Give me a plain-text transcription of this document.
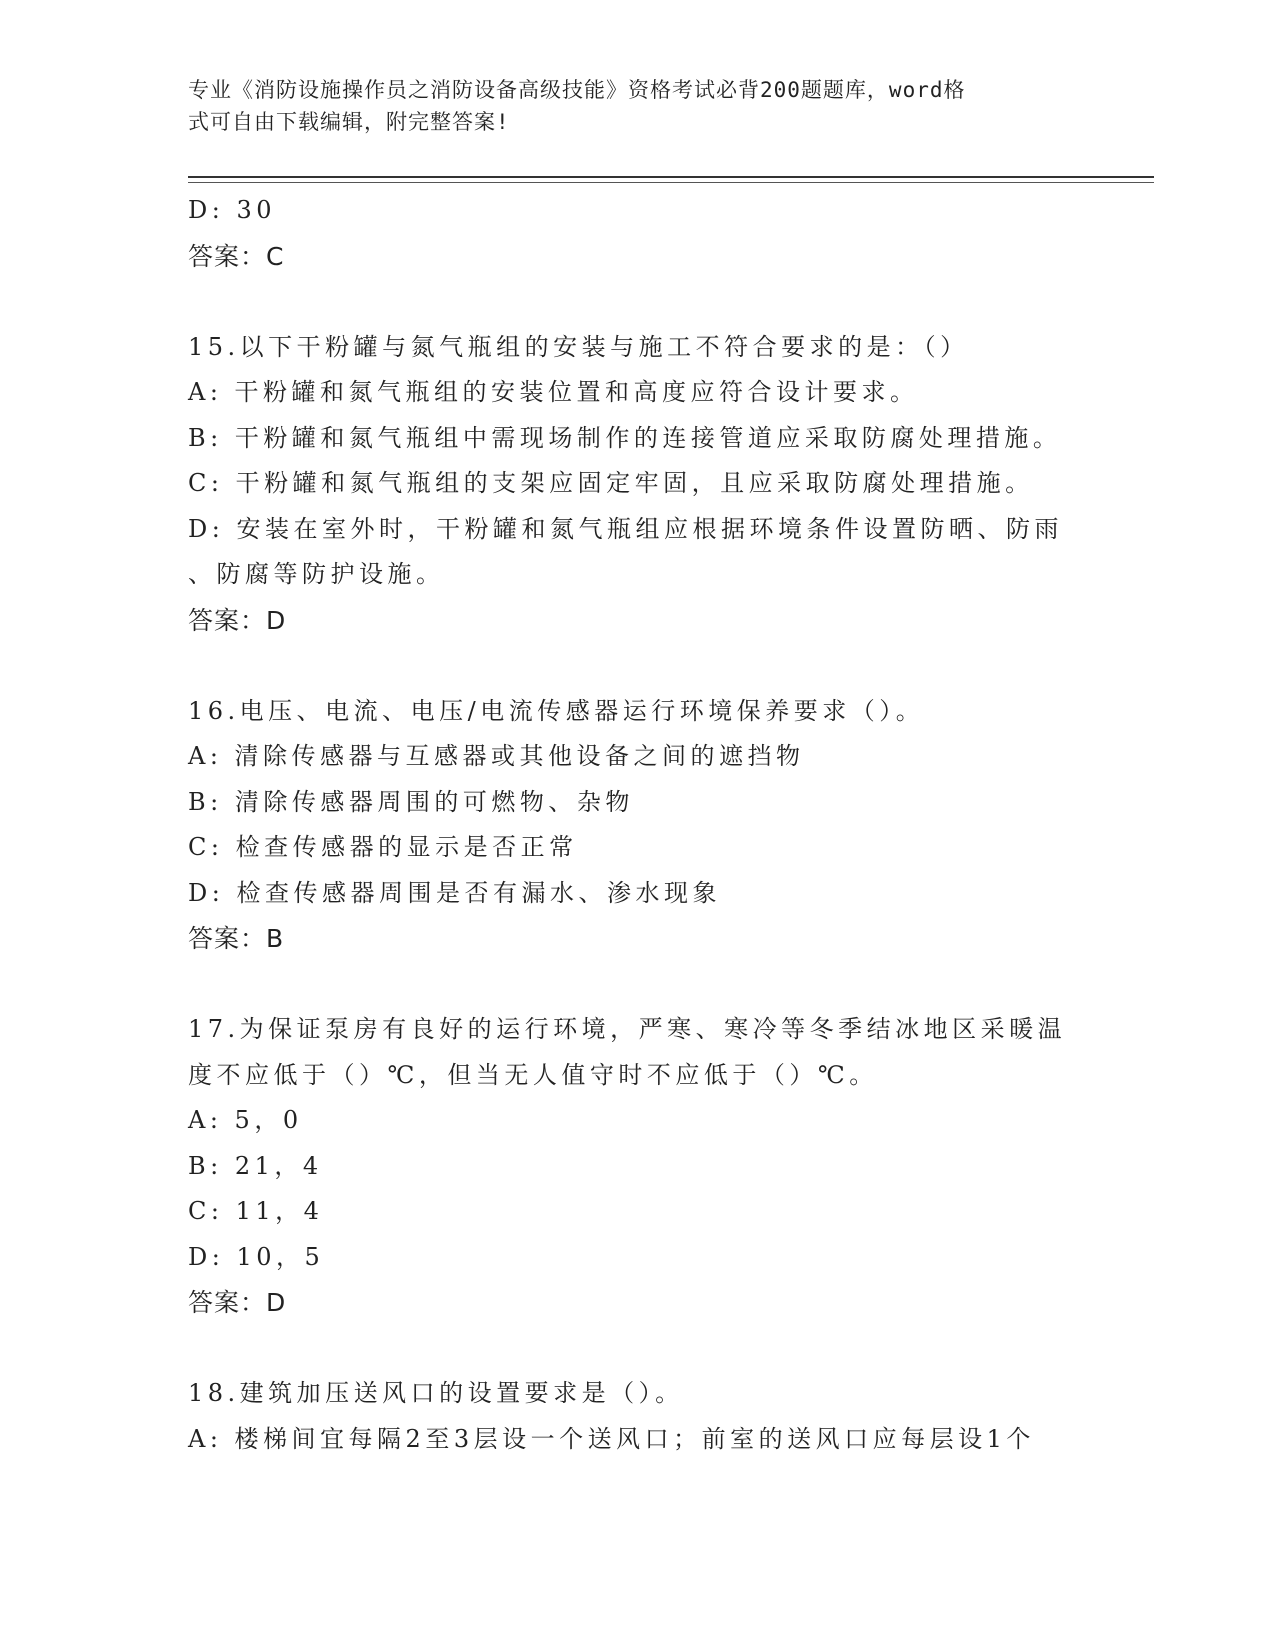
专业《消防设施操作员之消防设备高级技能》资格考试必背200题题库，word格
式可自由下载编辑，附完整答案!
D: 30
答案：C
15.以下干粉罐与氮气瓶组的安装与施工不符合要求的是：（）
A: 干粉罐和氮气瓶组的安装位置和高度应符合设计要求。
B: 干粉罐和氮气瓶组中需现场制作的连接管道应采取防腐处理措施。
C: 干粉罐和氮气瓶组的支架应固定牢固，且应采取防腐处理措施。
D: 安装在室外时，干粉罐和氮气瓶组应根据环境条件设置防晒、防雨
、防腐等防护设施。
答案：D
16.电压、电流、电压/电流传感器运行环境保养要求（）。
A: 清除传感器与互感器或其他设备之间的遮挡物
B: 清除传感器周围的可燃物、杂物
C: 检查传感器的显示是否正常
D: 检查传感器周围是否有漏水、渗水现象
答案：B
17.为保证泵房有良好的运行环境，严寒、寒冷等冬季结冰地区采暖温
度不应低于（）℃，但当无人值守时不应低于（）℃。
A: 5，0
B: 21，4
C: 11，4
D: 10，5
答案：D
18.建筑加压送风口的设置要求是（）。
A: 楼梯间宜每隔2至3层设一个送风口；前室的送风口应每层设1个
